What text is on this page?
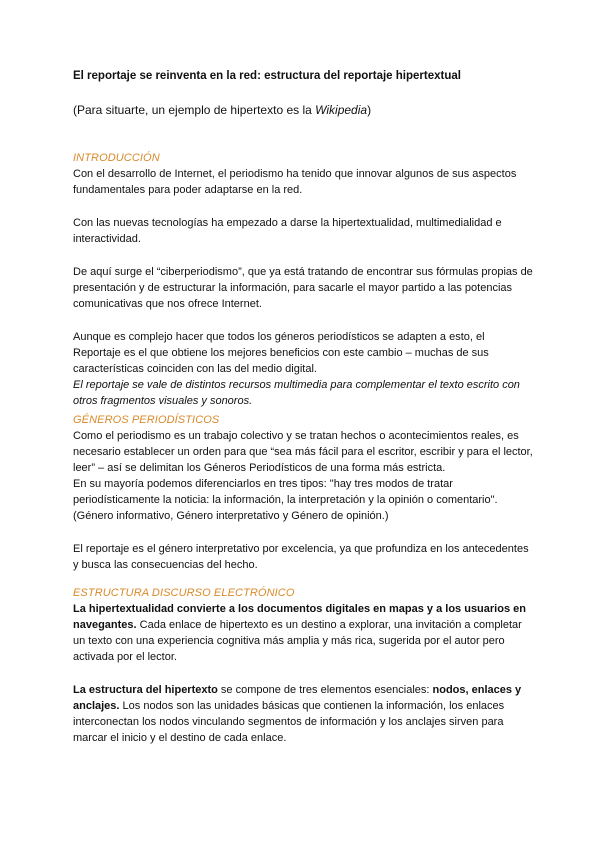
El reportaje se reinventa en la red: estructura del reportaje hipertextual
(Para situarte, un ejemplo de hipertexto es la Wikipedia)
INTRODUCCIÓN

Con el desarrollo de Internet, el periodismo ha tenido que innovar algunos de sus aspectos fundamentales para poder adaptarse en la red.

Con las nuevas tecnologías ha empezado a darse la hipertextualidad, multimedialidad e interactividad.

De aquí surge el “ciberperiodismo”, que ya está tratando de encontrar sus fórmulas propias de presentación y de estructurar la información, para sacarle el mayor partido a las potencias comunicativas que nos ofrece Internet.

Aunque es complejo hacer que todos los géneros periodísticos se adapten a esto, el Reportaje es el que obtiene los mejores beneficios con este cambio – muchas de sus características coinciden con las del medio digital.

El reportaje se vale de distintos recursos multimedia para complementar el texto escrito con otros fragmentos visuales y sonoros.

GÉNEROS PERIODÍSTICOS

Como el periodismo es un trabajo colectivo y se tratan hechos o acontecimientos reales, es necesario establecer un orden para que “sea más fácil para el escritor, escribir y para el lector, leer” – así se delimitan los Géneros Periodísticos de una forma más estricta.

En su mayoría podemos diferenciarlos en tres tipos: "hay tres modos de tratar periodísticamente la noticia: la información, la interpretación y la opinión o comentario". (Género informativo, Género interpretativo y Género de opinión.)

El reportaje es el género interpretativo por excelencia, ya que profundiza en los antecedentes y busca las consecuencias del hecho.

ESTRUCTURA DISCURSO ELECTRÓNICO

La hipertextualidad convierte a los documentos digitales en mapas y a los usuarios en navegantes. Cada enlace de hipertexto es un destino a explorar, una invitación a completar un texto con una experiencia cognitiva más amplia y más rica, sugerida por el autor pero activada por el lector.

La estructura del hipertexto se compone de tres elementos esenciales: nodos, enlaces y anclajes. Los nodos son las unidades básicas que contienen la información, los enlaces interconectan los nodos vinculando segmentos de información y los anclajes sirven para marcar el inicio y el destino de cada enlace.
